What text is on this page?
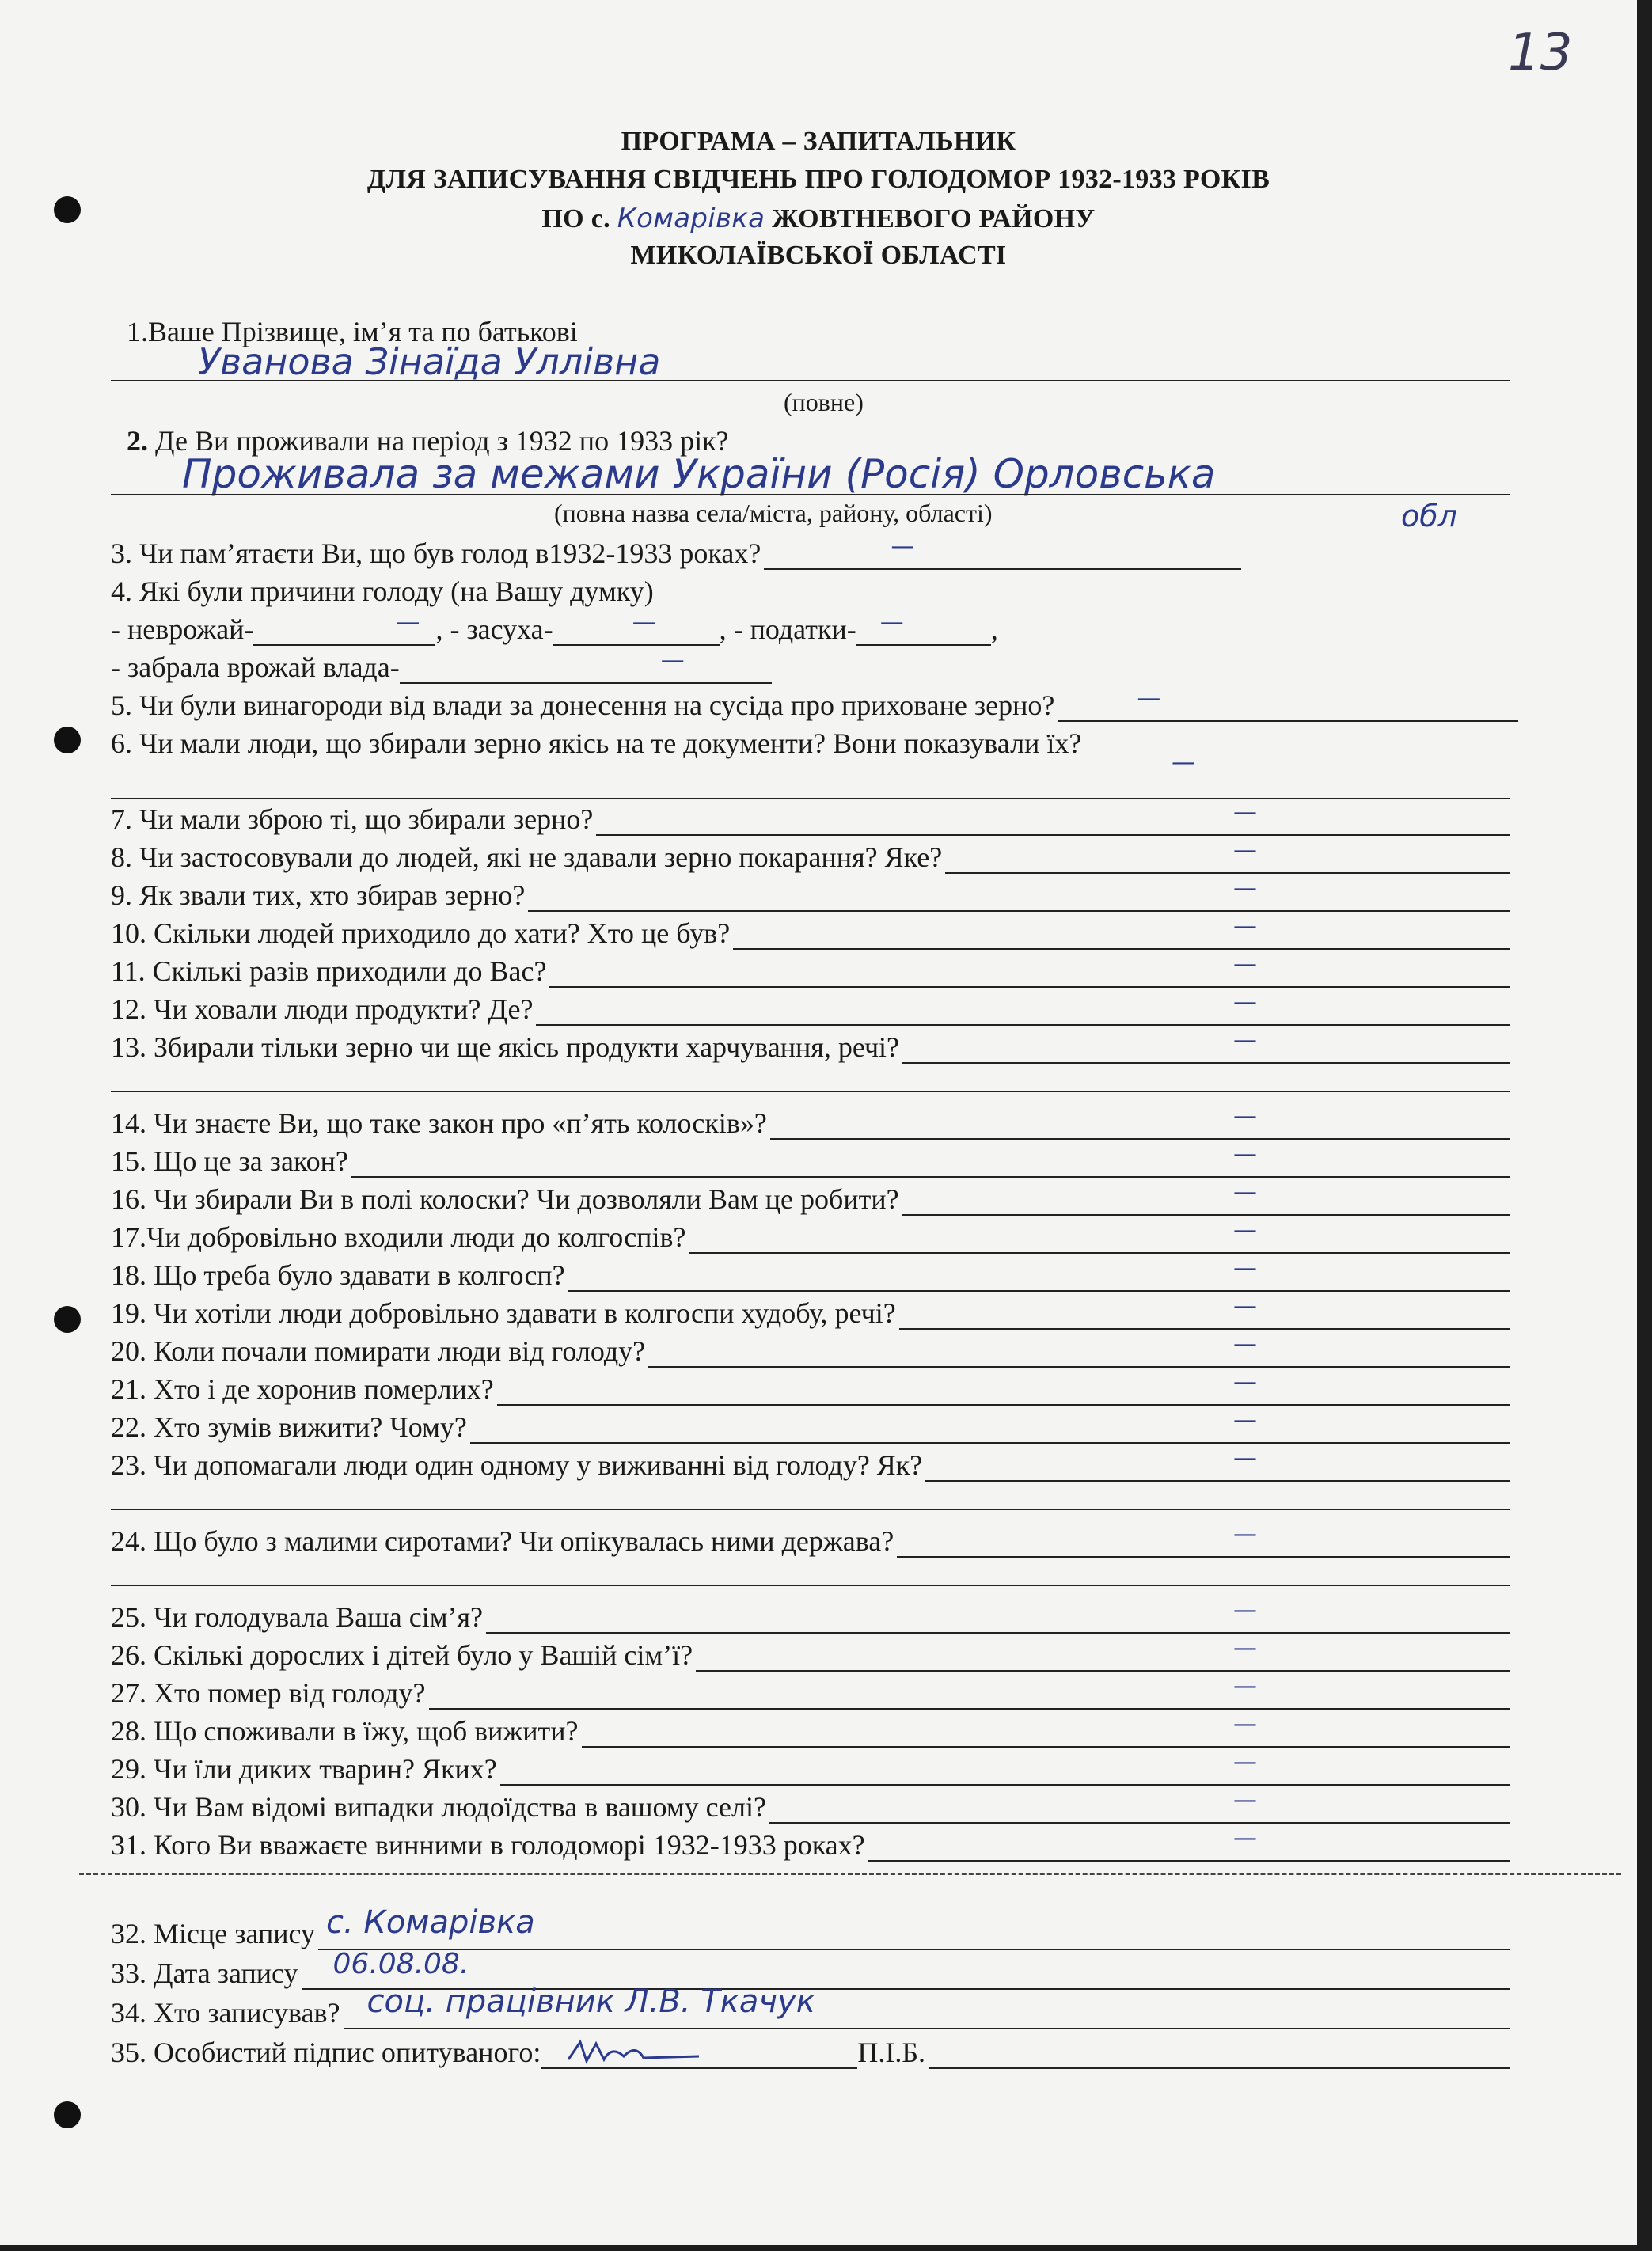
13
ПРОГРАМА – ЗАПИТАЛЬНИК
ДЛЯ ЗАПИСУВАННЯ СВІДЧЕНЬ ПРО ГОЛОДОМОР 1932-1933 РОКІВ
ПО с. Комарівка ЖОВТНЕВОГО РАЙОНУ
МИКОЛАЇВСЬКОЇ ОБЛАСТІ
1.Ваше Прізвище, ім’я та по батькові
Уванова Зінаїда Уллівна
(повне)
2. Де Ви проживали на період з 1932 по 1933 рік?
Проживала за межами України (Росія) Орловська
обл
(повна назва села/міста, району, області)
3. Чи пам’ятаєти Ви, що був голод в1932-1933 роках?	—
4. Які були причини голоду (на Вашу думку)
- неврожай-	— , - засуха-	— , - податки- —	,
- забрала врожай влада-	—
5. Чи були винагороди від влади за донесення на сусіда про приховане зерно?	—
6. Чи мали люди, що збирали зерно якісь на те документи? Вони показували їх?
—
7. Чи мали зброю ті, що збирали зерно?	—
8. Чи застосовували до людей, які не здавали зерно покарання? Яке?	—
9. Як звали тих, хто збирав зерно?	—
10. Скільки людей приходило до хати? Хто це був?	—
11. Скількі разів приходили до Вас?	—
12. Чи ховали люди продукти? Де?	—
13. Збирали тільки зерно чи ще якісь продукти харчування, речі?	—
14. Чи знаєте Ви, що таке закон про «п’ять колосків»?	—
15. Що це за закон?	—
16. Чи збирали Ви в полі колоски? Чи дозволяли Вам це робити?	—
17.Чи добровільно входили люди до колгоспів?	—
18. Що треба було здавати в колгосп?	—
19. Чи хотіли люди добровільно здавати в колгоспи худобу, речі?	—
20. Коли почали помирати люди від голоду?	—
21. Хто і де хоронив померлих?	—
22. Хто зумів вижити? Чому?	—
23. Чи допомагали люди один одному у виживанні від голоду? Як?	—
24. Що було з малими сиротами? Чи опікувалась ними держава?	—
25. Чи голодувала Ваша сім’я?	—
26. Скількі дорослих і дітей було у Вашій сім’ї?	—
27. Хто помер від голоду?	—
28. Що споживали в їжу, щоб вижити?	—
29. Чи їли диких тварин? Яких?	—
30. Чи Вам відомі випадки людоїдства в вашому селі?	—
31. Кого Ви вважаєте винними в голодоморі 1932-1933 роках?	—
32. Місце запису с. Комарівка
33. Дата запису 06.08.08.
34. Хто записував? соц. працівник Л.В. Ткачук
35. Особистий підпис опитуваного:	П.І.Б.
